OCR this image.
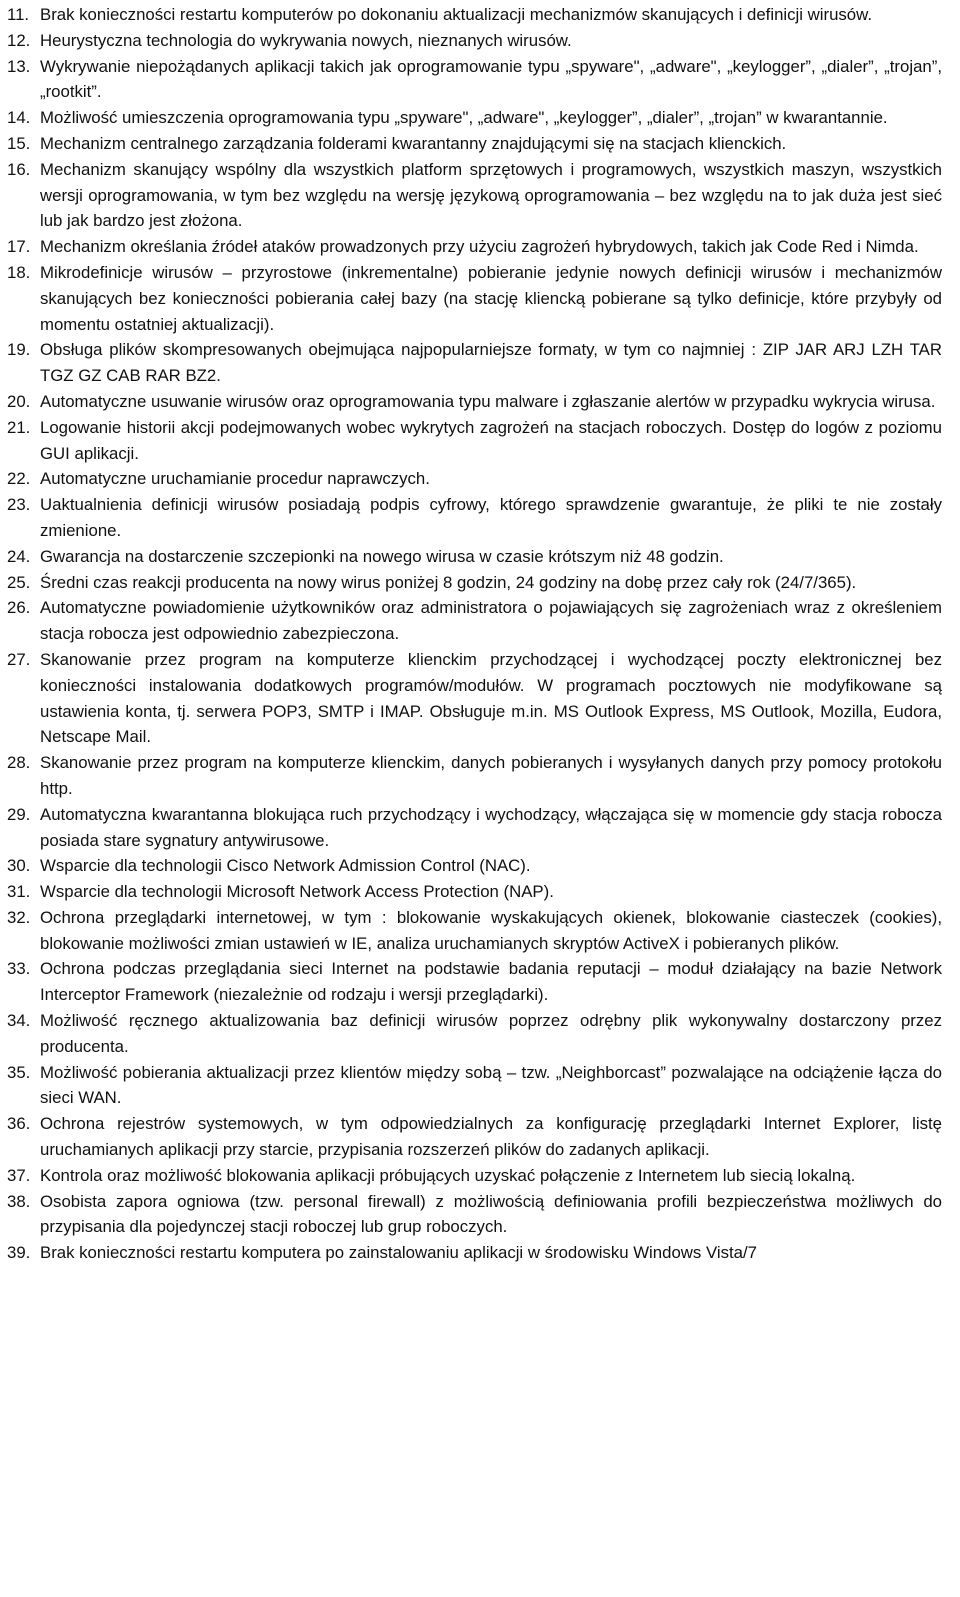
11. Brak konieczności restartu komputerów po dokonaniu aktualizacji mechanizmów skanujących i definicji wirusów.
12. Heurystyczna technologia do wykrywania nowych, nieznanych wirusów.
13. Wykrywanie niepożądanych aplikacji takich jak oprogramowanie typu „spyware", „adware", „keylogger”, „dialer”, „trojan”, „rootkit”.
14. Możliwość umieszczenia oprogramowania typu „spyware", „adware", „keylogger”, „dialer”, „trojan” w kwarantannie.
15. Mechanizm centralnego zarządzania folderami kwarantanny znajdującymi się na stacjach klienckich.
16. Mechanizm skanujący wspólny dla wszystkich platform sprzętowych i programowych, wszystkich maszyn, wszystkich wersji oprogramowania, w tym bez względu na wersję językową oprogramowania – bez względu na to jak duża jest sieć lub jak bardzo jest złożona.
17. Mechanizm określania źródeł ataków prowadzonych przy użyciu zagrożeń hybrydowych, takich jak Code Red i Nimda.
18. Mikrodefinicje wirusów – przyrostowe (inkrementalne) pobieranie jedynie nowych definicji wirusów i mechanizmów skanujących bez konieczności pobierania całej bazy (na stację kliencką pobierane są tylko definicje, które przybyły od momentu ostatniej aktualizacji).
19. Obsługa plików skompresowanych obejmująca najpopularniejsze formaty, w tym co najmniej : ZIP JAR ARJ LZH TAR TGZ GZ CAB RAR BZ2.
20. Automatyczne usuwanie wirusów oraz oprogramowania typu malware i zgłaszanie alertów w przypadku wykrycia wirusa.
21. Logowanie historii akcji podejmowanych wobec wykrytych zagrożeń na stacjach roboczych. Dostęp do logów z poziomu GUI aplikacji.
22. Automatyczne uruchamianie procedur naprawczych.
23. Uaktualnienia definicji wirusów posiadają podpis cyfrowy, którego sprawdzenie gwarantuje, że pliki te nie zostały zmienione.
24. Gwarancja na dostarczenie szczepionki na nowego wirusa w czasie krótszym niż 48 godzin.
25. Średni czas reakcji producenta na nowy wirus poniżej 8 godzin, 24 godziny na dobę przez cały rok (24/7/365).
26. Automatyczne powiadomienie użytkowników oraz administratora o pojawiających się zagrożeniach wraz z określeniem stacja robocza jest odpowiednio zabezpieczona.
27. Skanowanie przez program na komputerze klienckim przychodzącej i wychodzącej poczty elektronicznej bez konieczności instalowania dodatkowych programów/modułów. W programach pocztowych nie modyfikowane są ustawienia konta, tj. serwera POP3, SMTP i IMAP. Obsługuje m.in. MS Outlook Express, MS Outlook, Mozilla, Eudora, Netscape Mail.
28. Skanowanie przez program na komputerze klienckim, danych pobieranych i wysyłanych danych przy pomocy protokołu http.
29. Automatyczna kwarantanna blokująca ruch przychodzący i wychodzący, włączająca się w momencie gdy stacja robocza posiada stare sygnatury antywirusowe.
30. Wsparcie dla technologii Cisco Network Admission Control (NAC).
31. Wsparcie dla technologii Microsoft Network Access Protection (NAP).
32. Ochrona przeglądarki internetowej, w tym : blokowanie wyskakujących okienek, blokowanie ciasteczek (cookies), blokowanie możliwości zmian ustawień w IE, analiza uruchamianych skryptów ActiveX i pobieranych plików.
33. Ochrona podczas przeglądania sieci Internet na podstawie badania reputacji – moduł działający na bazie Network Interceptor Framework (niezależnie od rodzaju i wersji przeglądarki).
34. Możliwość ręcznego aktualizowania baz definicji wirusów poprzez odrębny plik wykonywalny dostarczony przez producenta.
35. Możliwość pobierania aktualizacji przez klientów między sobą – tzw. „Neighborcast” pozwalające na odciążenie łącza do sieci WAN.
36. Ochrona rejestrów systemowych, w tym odpowiedzialnych za konfigurację przeglądarki Internet Explorer, listę uruchamianych aplikacji przy starcie, przypisania rozszerzeń plików do zadanych aplikacji.
37. Kontrola oraz możliwość blokowania aplikacji próbujących uzyskać połączenie z Internetem lub siecią lokalną.
38. Osobista zapora ogniowa (tzw. personal firewall) z możliwością definiowania profili bezpieczeństwa możliwych do przypisania dla pojedynczej stacji roboczej lub grup roboczych.
39. Brak konieczności restartu komputera po zainstalowaniu aplikacji w środowisku Windows Vista/7
